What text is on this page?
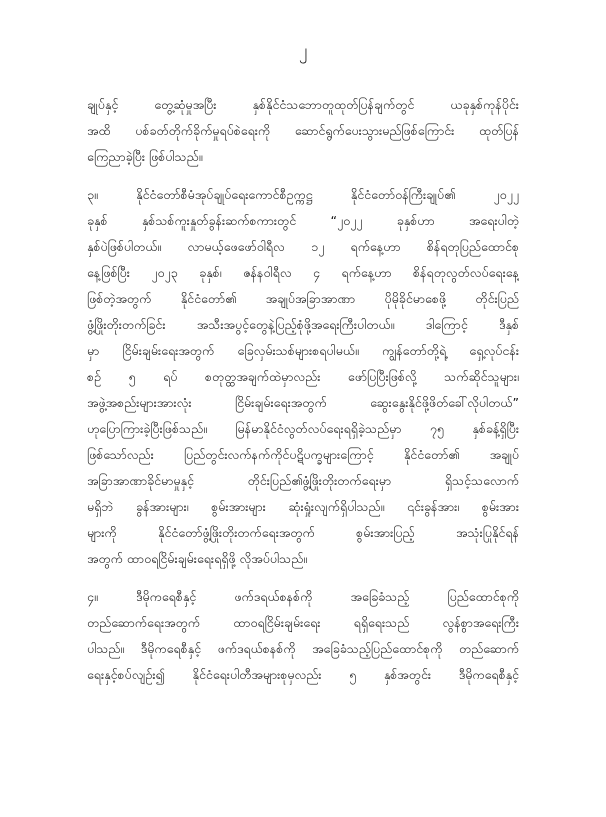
၂
ချုပ်နှင့် တွေ့ဆုံမှုအပြီး နှစ်နိုင်ငံသဘောတူထုတ်ပြန်ချက်တွင် ယခုနှစ်ကုန်ပိုင်း
အထိ ပစ်ခတ်တိုက်ခိုက်မှုရပ်စဲရေးကို ဆောင်ရွက်ပေးသွားမည်ဖြစ်ကြောင်း ထုတ်ပြန်
ကြေညာခဲ့ပြီး ဖြစ်ပါသည်။
၃။ နိုင်ငံတော်စီမံအုပ်ချုပ်ရေးကောင်စီဥက္ကဋ္ဌ နိုင်ငံတော်ဝန်ကြီးချုပ်၏ ၂၀၂၂
ခုနှစ် နှစ်သစ်ကူးနှုတ်ခွန်းဆက်စကားတွင် “၂၀၂၂ ခုနှစ်ဟာ အရေးပါတဲ့
နှစ်ပဲဖြစ်ပါတယ်။ လာမယ့်ဖေဖော်ဝါရီလ ၁၂ ရက်နေ့ဟာ စိန်ရတုပြည်ထောင်စု
နေ့ဖြစ်ပြီး ၂၀၂၃ ခုနှစ်၊ ဇန်နဝါရီလ ၄ ရက်နေ့ဟာ စိန်ရတုလွတ်လပ်ရေးနေ့
ဖြစ်တဲ့အတွက် နိုင်ငံတော်၏ အချုပ်အခြာအာဏာ ပိုမိုခိုင်မာစေဖို့ တိုင်းပြည်
ဖွံ့ဖြိုးတိုးတက်ခြင်း အသီးအပွင့်တွေနဲ့ပြည့်စုံဖို့အရေးကြီးပါတယ်။ ဒါကြောင့် ဒီနှစ်
မှာ ငြိမ်းချမ်းရေးအတွက် ခြေလှမ်းသစ်များစရပါမယ်။ ကျွန်တော်တို့ရဲ့ ရှေ့လုပ်ငန်း
စဉ် ၅ ရပ် စတုတ္ထအချက်ထဲမှာလည်း ဖော်ပြပြီးဖြစ်လို့ သက်ဆိုင်သူများ၊
အဖွဲ့အစည်းများအားလုံး ငြိမ်းချမ်းရေးအတွက် ဆွေးနွေးနိုင်ဖို့ဖိတ်ခေါ်လိုပါတယ်”
ဟုပြောကြားခဲ့ပြီးဖြစ်သည်။ မြန်မာနိုင်ငံလွတ်လပ်ရေးရရှိခဲ့သည်မှာ ၇၅ နှစ်ခန့်ရှိပြီး
ဖြစ်သော်လည်း ပြည်တွင်းလက်နက်ကိုင်ပဋိပက္ခများကြောင့် နိုင်ငံတော်၏ အချုပ်
အခြာအာဏာခိုင်မာမှုနှင့် တိုင်းပြည်၏ဖွံ့ဖြိုးတိုးတက်ရေးမှာ ရှိသင့်သလောက်
မရှိဘဲ ခွန်အားများ၊ စွမ်းအားများ ဆုံးရှုံးလျက်ရှိပါသည်။ ၎င်းခွန်အား၊ စွမ်းအား
များကို နိုင်ငံတော်ဖွံ့ဖြိုးတိုးတက်ရေးအတွက် စွမ်းအားပြည့် အသုံးပြုနိုင်ရန်
အတွက် ထာဝရငြိမ်းချမ်းရေးရရှိဖို့ လိုအပ်ပါသည်။
၄။ ဒီမိုကရေစီနှင့် ဖက်ဒရယ်စနစ်ကို အခြေခံသည့် ပြည်ထောင်စုကို
တည်ဆောက်ရေးအတွက် ထာဝရငြိမ်းချမ်းရေး ရရှိရေးသည် လွန်စွာအရေးကြီး
ပါသည်။ ဒီမိုကရေစီနှင့် ဖက်ဒရယ်စနစ်ကို အခြေခံသည့်ပြည်ထောင်စုကို တည်ဆောက်
ရေးနှင့်စပ်လျဉ်း၍ နိုင်ငံရေးပါတီအများစုမှလည်း ၅ နှစ်အတွင်း ဒီမိုကရေစီနှင့်
